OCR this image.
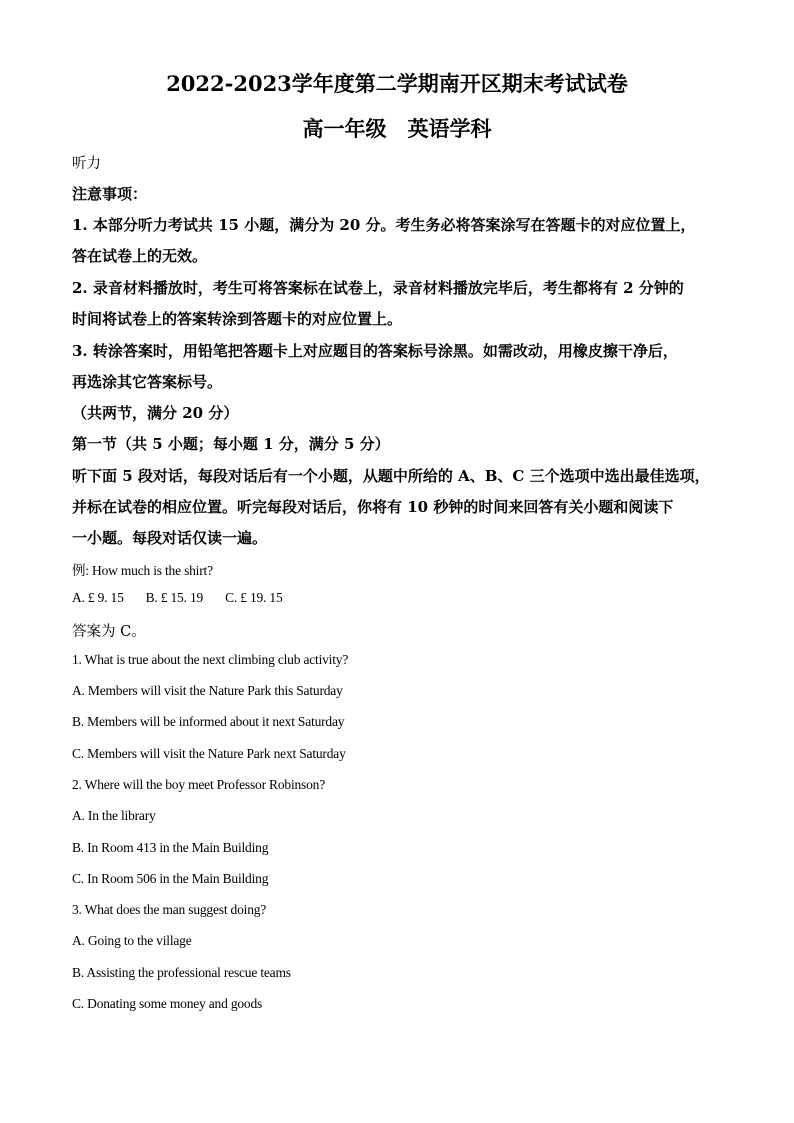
2022-2023学年度第二学期南开区期末考试试卷
高一年级　英语学科
听力
注意事项：
1. 本部分听力考试共 15 小题，满分为 20 分。考生务必将答案涂写在答题卡的对应位置上，
答在试卷上的无效。
2. 录音材料播放时，考生可将答案标在试卷上，录音材料播放完毕后，考生都将有 2 分钟的
时间将试卷上的答案转涂到答题卡的对应位置上。
3. 转涂答案时，用铅笔把答题卡上对应题目的答案标号涂黑。如需改动，用橡皮擦干净后，
再选涂其它答案标号。
（共两节，满分 20 分）
第一节（共 5 小题；每小题 1 分，满分 5 分）
听下面 5 段对话，每段对话后有一个小题，从题中所给的 A、B、C 三个选项中选出最佳选项，
并标在试卷的相应位置。听完每段对话后，你将有 10 秒钟的时间来回答有关小题和阅读下
一小题。每段对话仅读一遍。
例: How much is the shirt?
A. £ 9. 15 B. £ 15. 19 C. £ 19. 15
答案为 C。
1. What is true about the next climbing club activity?
A. Members will visit the Nature Park this Saturday
B. Members will be informed about it next Saturday
C. Members will visit the Nature Park next Saturday
2. Where will the boy meet Professor Robinson?
A. In the library
B. In Room 413 in the Main Building
C. In Room 506 in the Main Building
3. What does the man suggest doing?
A. Going to the village
B. Assisting the professional rescue teams
C. Donating some money and goods
